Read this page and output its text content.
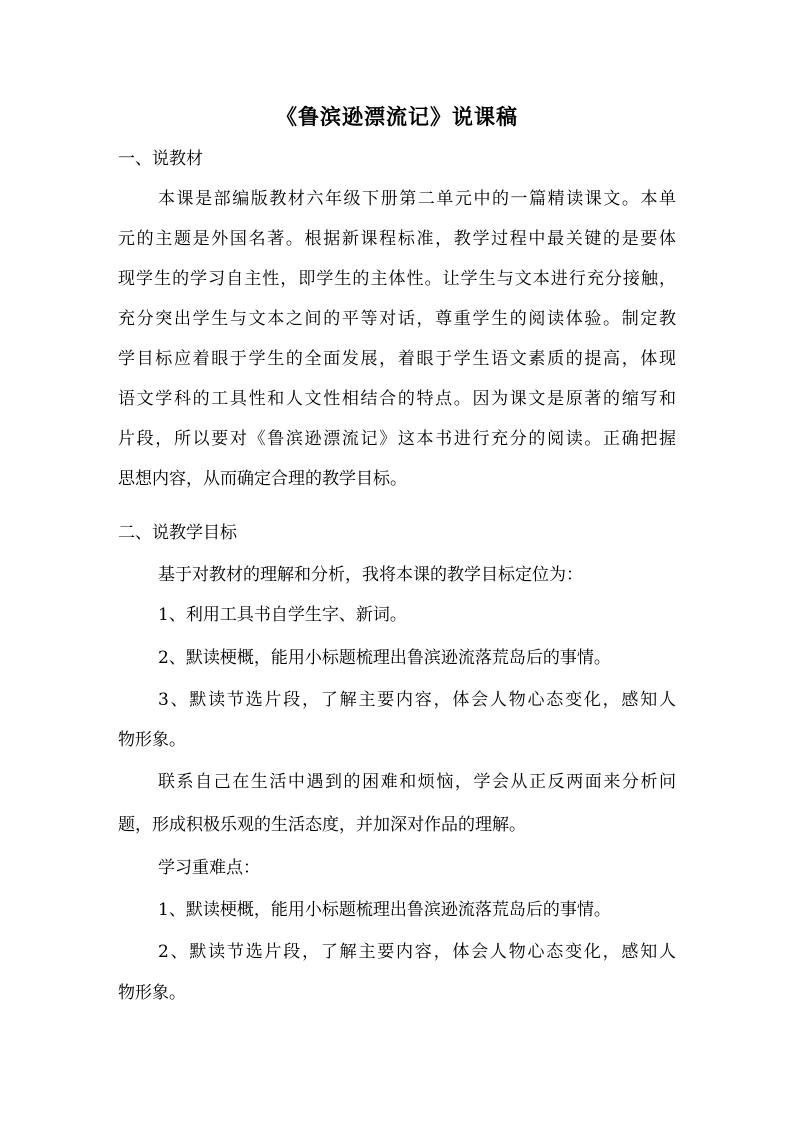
《鲁滨逊漂流记》说课稿
一、说教材
本课是部编版教材六年级下册第二单元中的一篇精读课文。本单
元的主题是外国名著。根据新课程标准，教学过程中最关键的是要体
现学生的学习自主性，即学生的主体性。让学生与文本进行充分接触，
充分突出学生与文本之间的平等对话，尊重学生的阅读体验。制定教
学目标应着眼于学生的全面发展，着眼于学生语文素质的提高，体现
语文学科的工具性和人文性相结合的特点。因为课文是原著的缩写和
片段，所以要对《鲁滨逊漂流记》这本书进行充分的阅读。正确把握
思想内容，从而确定合理的教学目标。
二、说教学目标
基于对教材的理解和分析，我将本课的教学目标定位为：
1、利用工具书自学生字、新词。
2、默读梗概，能用小标题梳理出鲁滨逊流落荒岛后的事情。
3、默读节选片段，了解主要内容，体会人物心态变化，感知人
物形象。
联系自己在生活中遇到的困难和烦恼，学会从正反两面来分析问
题，形成积极乐观的生活态度，并加深对作品的理解。
学习重难点：
1、默读梗概，能用小标题梳理出鲁滨逊流落荒岛后的事情。
2、默读节选片段，了解主要内容，体会人物心态变化，感知人
物形象。
